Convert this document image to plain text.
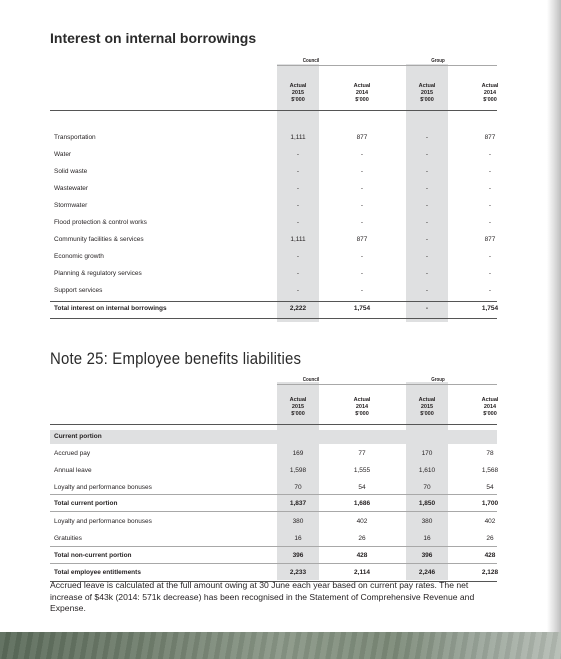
Interest on internal borrowings
Council	Group
Actual
2015
$'000
Actual
2014
$'000
Actual
2015
$'000
Actual
2014
$'000
Transportation	1,111	877	-	877
Water	-	-	-	-
Solid waste	-	-	-	-
Wastewater	-	-	-	-
Stormwater	-	-	-	-
Flood protection & control works	-	-	-	-
Community facilities & services	1,111	877	-	877
Economic growth	-	-	-	-
Planning & regulatory services	-	-	-	-
Support services	-	-	-	-
Total interest on internal borrowings	2,222	1,754	-	1,754
Note 25: Employee benefits liabilities
Council	Group
Actual
2015
$'000
Actual
2014
$'000
Actual
2015
$'000
Actual
2014
$'000
Current portion
Accrued pay	169	77	170	78
Annual leave	1,598	1,555	1,610	1,568
Loyalty and performance bonuses	70	54	70	54
Total current portion	1,837	1,686	1,850	1,700
Loyalty and performance bonuses	380	402	380	402
Gratuities	16	26	16	26
Total non-current portion	396	428	396	428
Total employee entitlements	2,233	2,114	2,246	2,128

Accrued leave is calculated at the full amount owing at 30 June each year based on current pay rates. The net increase of $43k (2014: 571k decrease) has been recognised in the Statement of Comprehensive Revenue and Expense.
